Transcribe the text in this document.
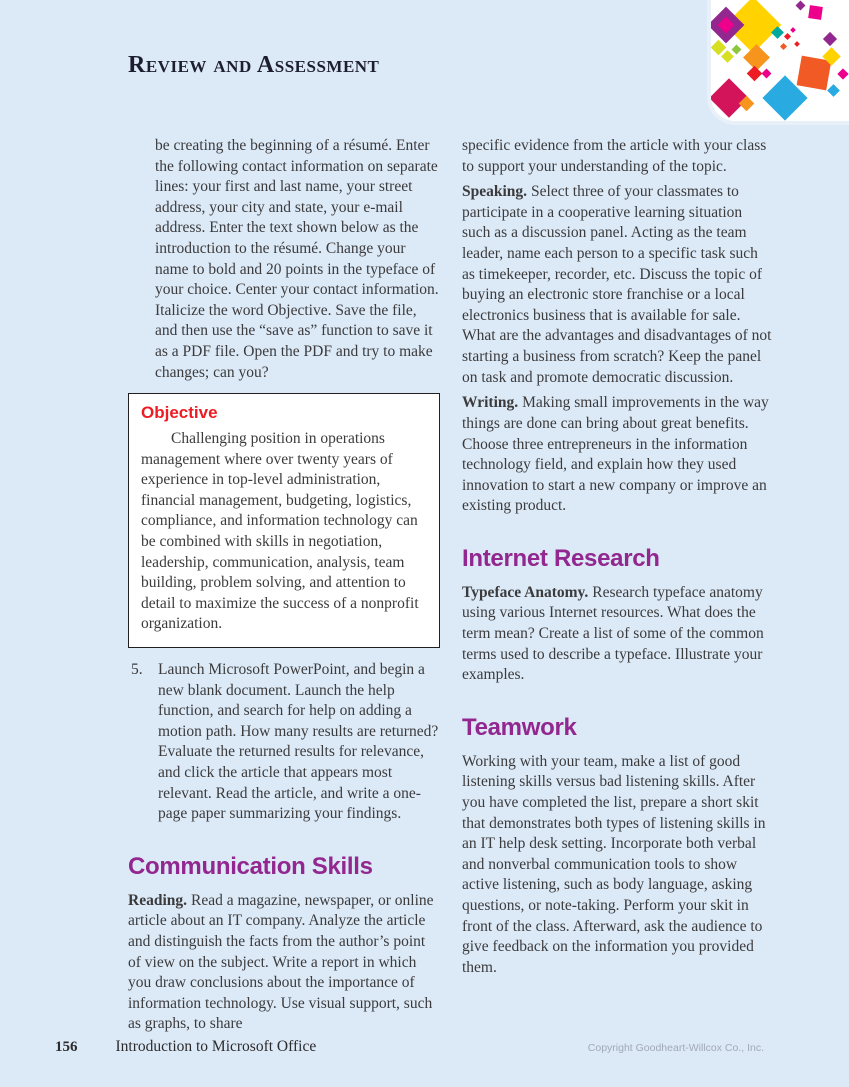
Review and Assessment

be creating the beginning of a résumé. Enter the following contact information on separate lines: your first and last name, your street address, your city and state, your e-mail address. Enter the text shown below as the introduction to the résumé. Change your name to bold and 20 points in the typeface of your choice. Center your contact information. Italicize the word Objective. Save the file, and then use the “save as” function to save it as a PDF file. Open the PDF and try to make changes; can you?

Objective

Challenging position in operations management where over twenty years of experience in top-level administration, financial management, budgeting, logistics, compliance, and information technology can be combined with skills in negotiation, leadership, communication, analysis, team building, problem solving, and attention to detail to maximize the success of a nonprofit organization.

5. Launch Microsoft PowerPoint, and begin a new blank document. Launch the help function, and search for help on adding a motion path. How many results are returned? Evaluate the returned results for relevance, and click the article that appears most relevant. Read the article, and write a one-page paper summarizing your findings.
Communication Skills

Reading. Read a magazine, newspaper, or online article about an IT company. Analyze the article and distinguish the facts from the author’s point of view on the subject. Write a report in which you draw conclusions about the importance of information technology. Use visual support, such as graphs, to share

specific evidence from the article with your class to support your understanding of the topic.

Speaking. Select three of your classmates to participate in a cooperative learning situation such as a discussion panel. Acting as the team leader, name each person to a specific task such as timekeeper, recorder, etc. Discuss the topic of buying an electronic store franchise or a local electronics business that is available for sale. What are the advantages and disadvantages of not starting a business from scratch? Keep the panel on task and promote democratic discussion.

Writing. Making small improvements in the way things are done can bring about great benefits. Choose three entrepreneurs in the information technology field, and explain how they used innovation to start a new company or improve an existing product.

Internet Research

Typeface Anatomy. Research typeface anatomy using various Internet resources. What does the term mean? Create a list of some of the common terms used to describe a typeface. Illustrate your examples.

Teamwork

Working with your team, make a list of good listening skills versus bad listening skills. After you have completed the list, prepare a short skit that demonstrates both types of listening skills in an IT help desk setting. Incorporate both verbal and nonverbal communication tools to show active listening, such as body language, asking questions, or note-taking. Perform your skit in front of the class. Afterward, ask the audience to give feedback on the information you provided them.

156 Introduction to Microsoft Office	Copyright Goodheart-Willcox Co., Inc.
